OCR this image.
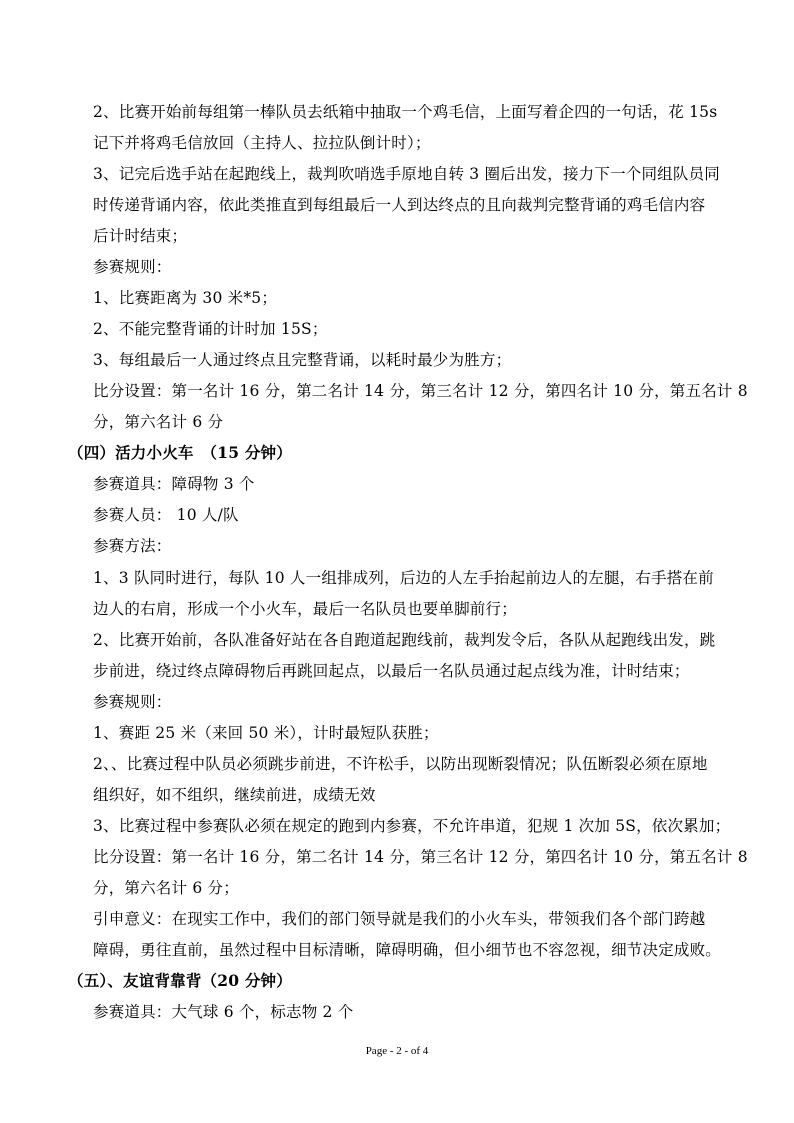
2、比赛开始前每组第一棒队员去纸箱中抽取一个鸡毛信，上面写着企四的一句话，花 15s
记下并将鸡毛信放回（主持人、拉拉队倒计时）；
3、记完后选手站在起跑线上，裁判吹哨选手原地自转 3 圈后出发，接力下一个同组队员同
时传递背诵内容，依此类推直到每组最后一人到达终点的且向裁判完整背诵的鸡毛信内容
后计时结束；
参赛规则：
1、比赛距离为 30 米*5；
2、不能完整背诵的计时加 15S；
3、每组最后一人通过终点且完整背诵，以耗时最少为胜方；
比分设置：第一名计 16 分，第二名计 14 分，第三名计 12 分，第四名计 10 分，第五名计 8
分，第六名计 6 分
（四）活力小火车　（15 分钟）
参赛道具：障碍物 3 个
参赛人员： 10 人/队
参赛方法：
1、3 队同时进行，每队 10 人一组排成列，后边的人左手抬起前边人的左腿，右手搭在前
边人的右肩，形成一个小火车，最后一名队员也要单脚前行；
2、比赛开始前，各队准备好站在各自跑道起跑线前，裁判发令后，各队从起跑线出发，跳
步前进，绕过终点障碍物后再跳回起点，以最后一名队员通过起点线为准，计时结束；
参赛规则：
1、赛距 25 米（来回 50 米），计时最短队获胜；
2、、比赛过程中队员必须跳步前进，不许松手，以防出现断裂情况；队伍断裂必须在原地
组织好，如不组织，继续前进，成绩无效
3、比赛过程中参赛队必须在规定的跑到内参赛，不允许串道，犯规 1 次加 5S，依次累加；
比分设置：第一名计 16 分，第二名计 14 分，第三名计 12 分，第四名计 10 分，第五名计 8
分，第六名计 6 分；
引申意义：在现实工作中，我们的部门领导就是我们的小火车头，带领我们各个部门跨越
障碍，勇往直前，虽然过程中目标清晰，障碍明确，但小细节也不容忽视，细节决定成败。
（五）、友谊背靠背（20 分钟）
参赛道具：大气球 6 个，标志物 2 个
Page - 2 - of 4
